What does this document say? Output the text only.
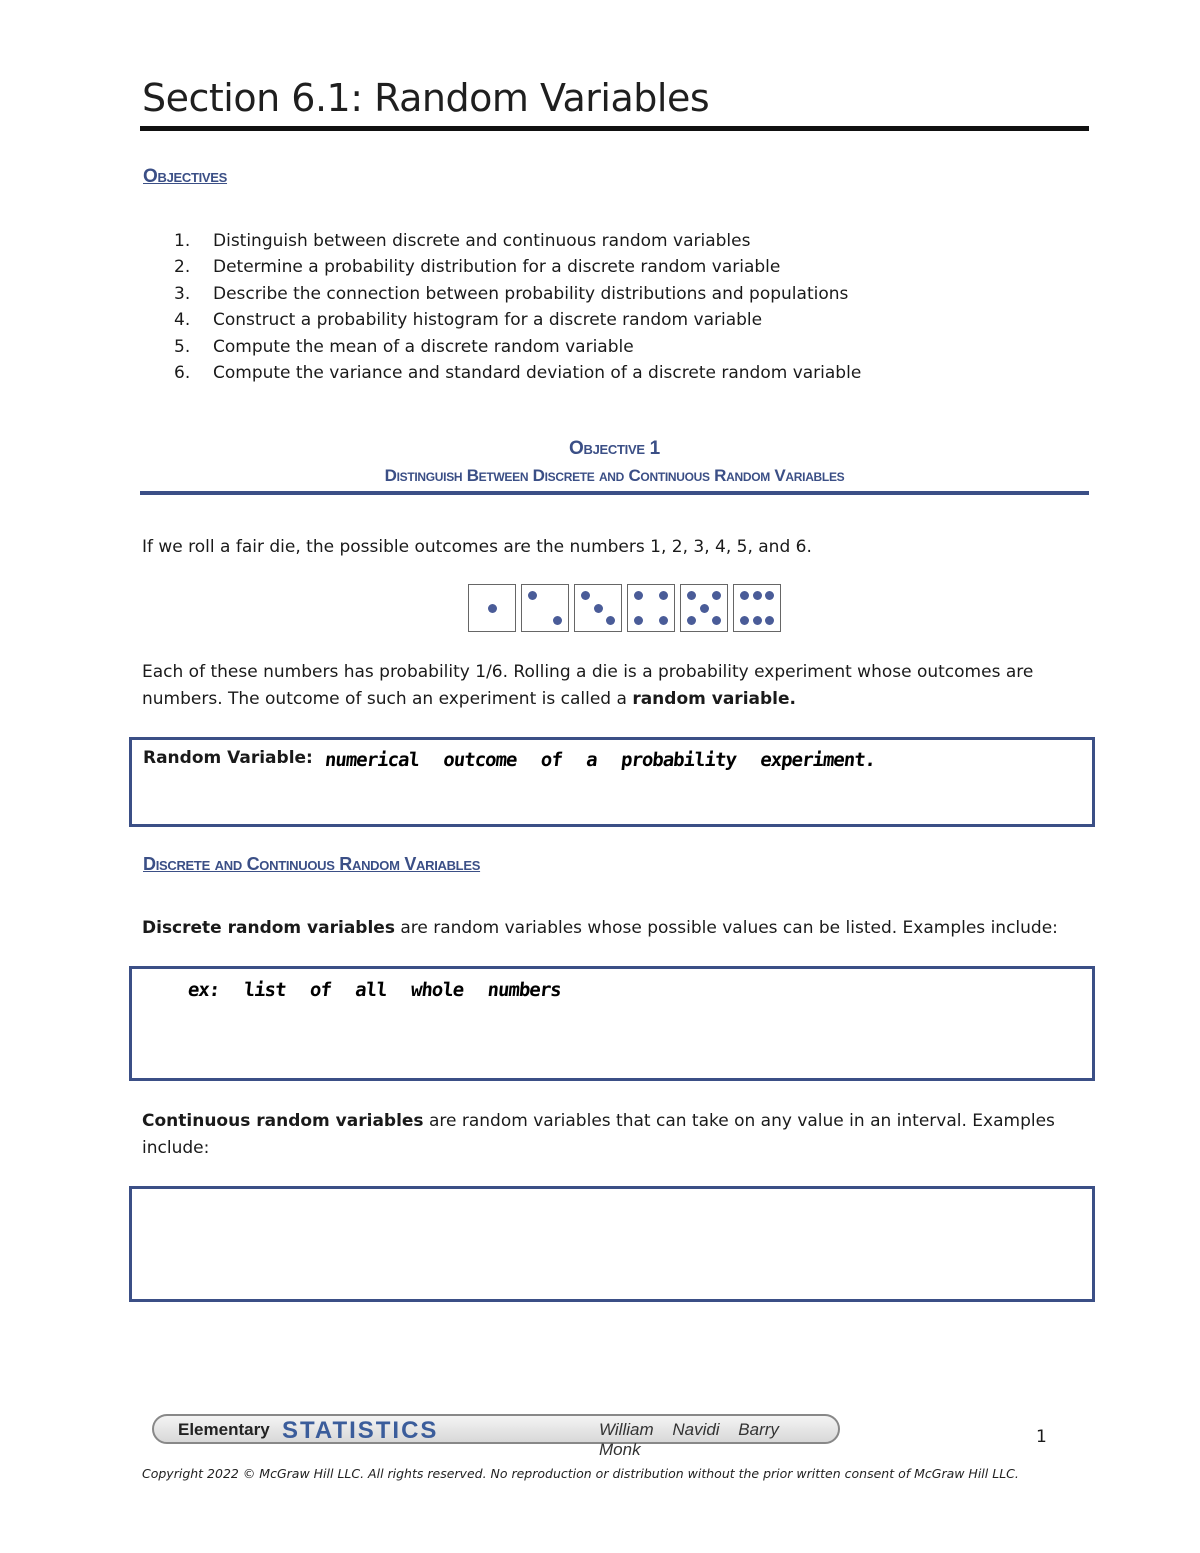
Section 6.1: Random Variables
Objectives
1.	Distinguish between discrete and continuous random variables
2.	Determine a probability distribution for a discrete random variable
3.	Describe the connection between probability distributions and populations
4.	Construct a probability histogram for a discrete random variable
5.	Compute the mean of a discrete random variable
6.	Compute the variance and standard deviation of a discrete random variable
Objective 1
Distinguish Between Discrete and Continuous Random Variables
If we roll a fair die, the possible outcomes are the numbers 1, 2, 3, 4, 5, and 6.
Each of these numbers has probability 1/6. Rolling a die is a probability experiment whose outcomes are numbers. The outcome of such an experiment is called a random variable.
Random Variable: numerical outcome of a probability experiment.
Discrete and Continuous Random Variables
Discrete random variables are random variables whose possible values can be listed. Examples include:
ex: list of all whole numbers
Continuous random variables are random variables that can take on any value in an interval. Examples include:
Elementary STATISTICS	William Navidi Barry Monk
1
Copyright 2022 © McGraw Hill LLC. All rights reserved. No reproduction or distribution without the prior written consent of McGraw Hill LLC.
